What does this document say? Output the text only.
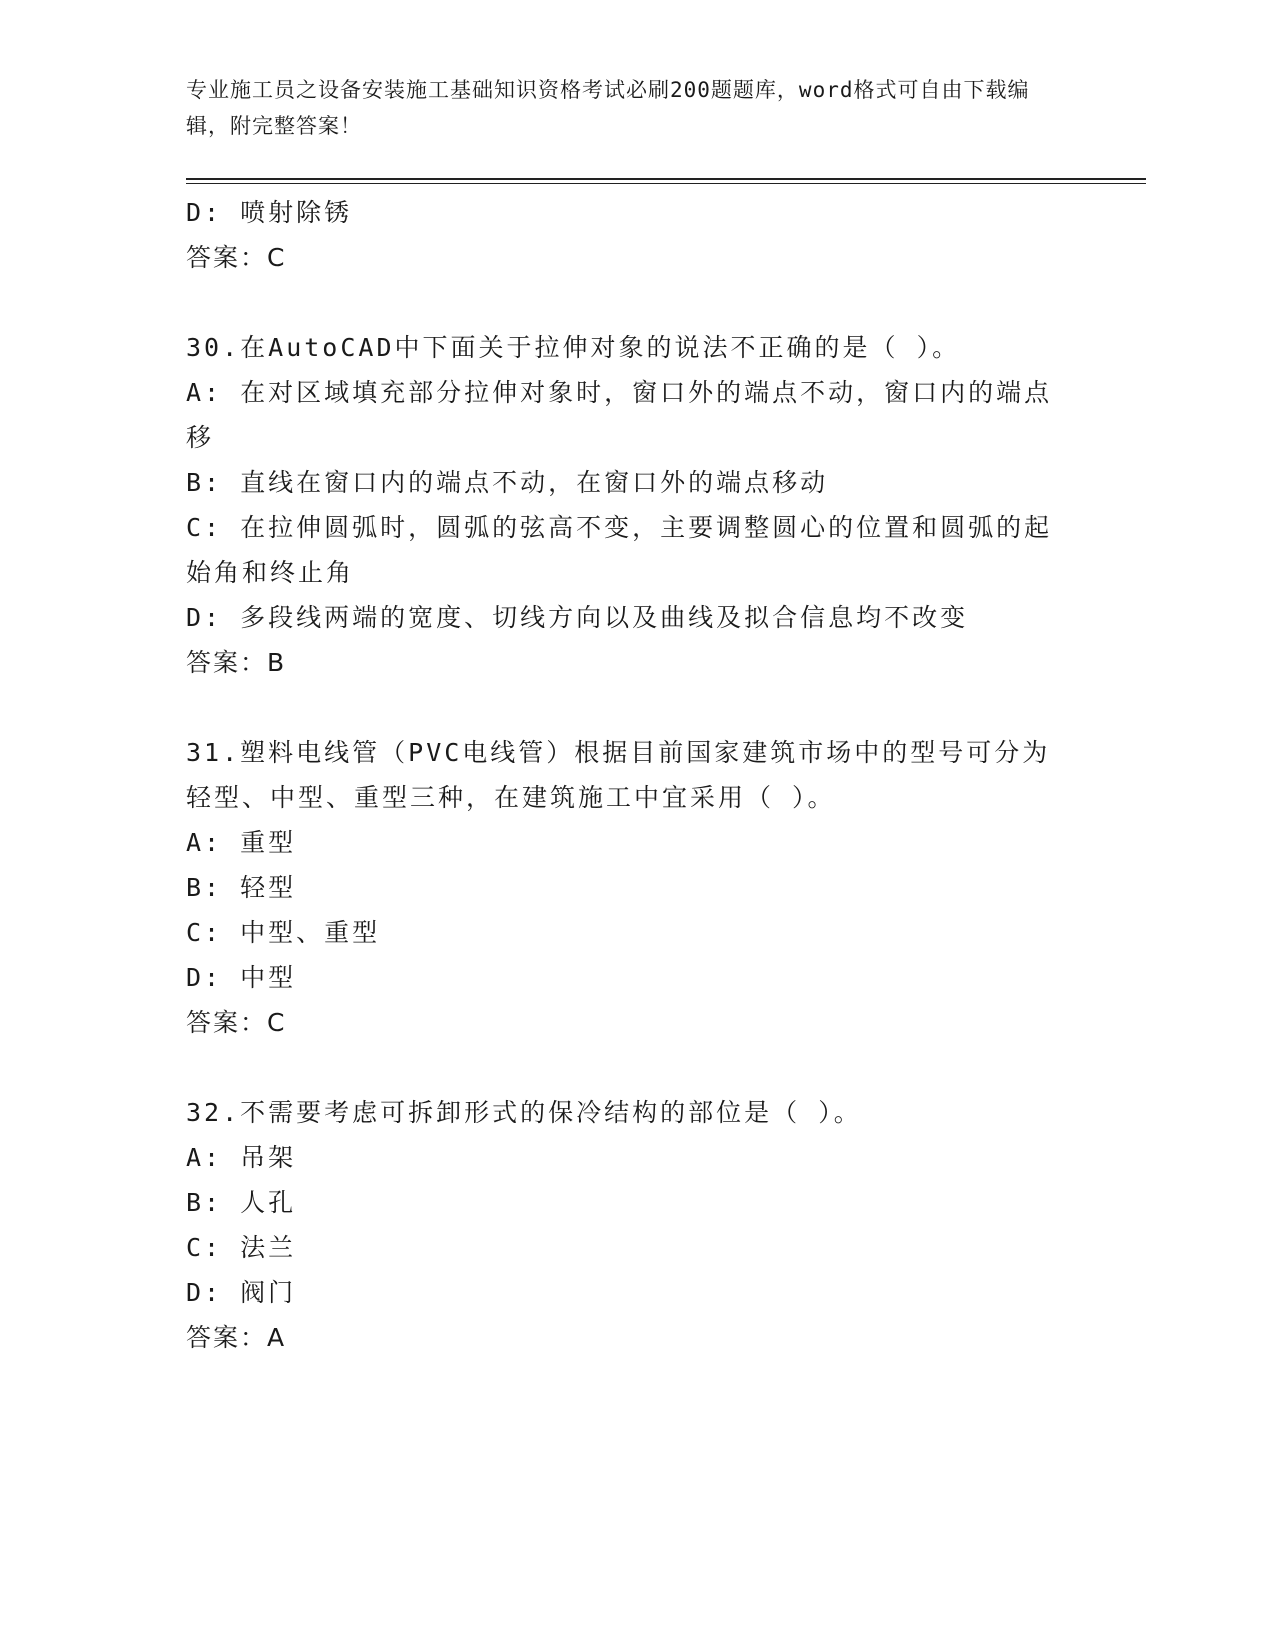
专业施工员之设备安装施工基础知识资格考试必刷200题题库，word格式可自由下载编辑，附完整答案！

D: 喷射除锈

答案：C

30.在AutoCAD中下面关于拉伸对象的说法不正确的是（ ）。

A: 在对区域填充部分拉伸对象时，窗口外的端点不动，窗口内的端点移

B: 直线在窗口内的端点不动，在窗口外的端点移动

C: 在拉伸圆弧时，圆弧的弦高不变，主要调整圆心的位置和圆弧的起始角和终止角

D: 多段线两端的宽度、切线方向以及曲线及拟合信息均不改变

答案：B

31.塑料电线管（PVC电线管）根据目前国家建筑市场中的型号可分为轻型、中型、重型三种，在建筑施工中宜采用（ ）。

A: 重型

B: 轻型

C: 中型、重型

D: 中型

答案：C

32.不需要考虑可拆卸形式的保冷结构的部位是（ ）。

A: 吊架

B: 人孔

C: 法兰

D: 阀门

答案：A
